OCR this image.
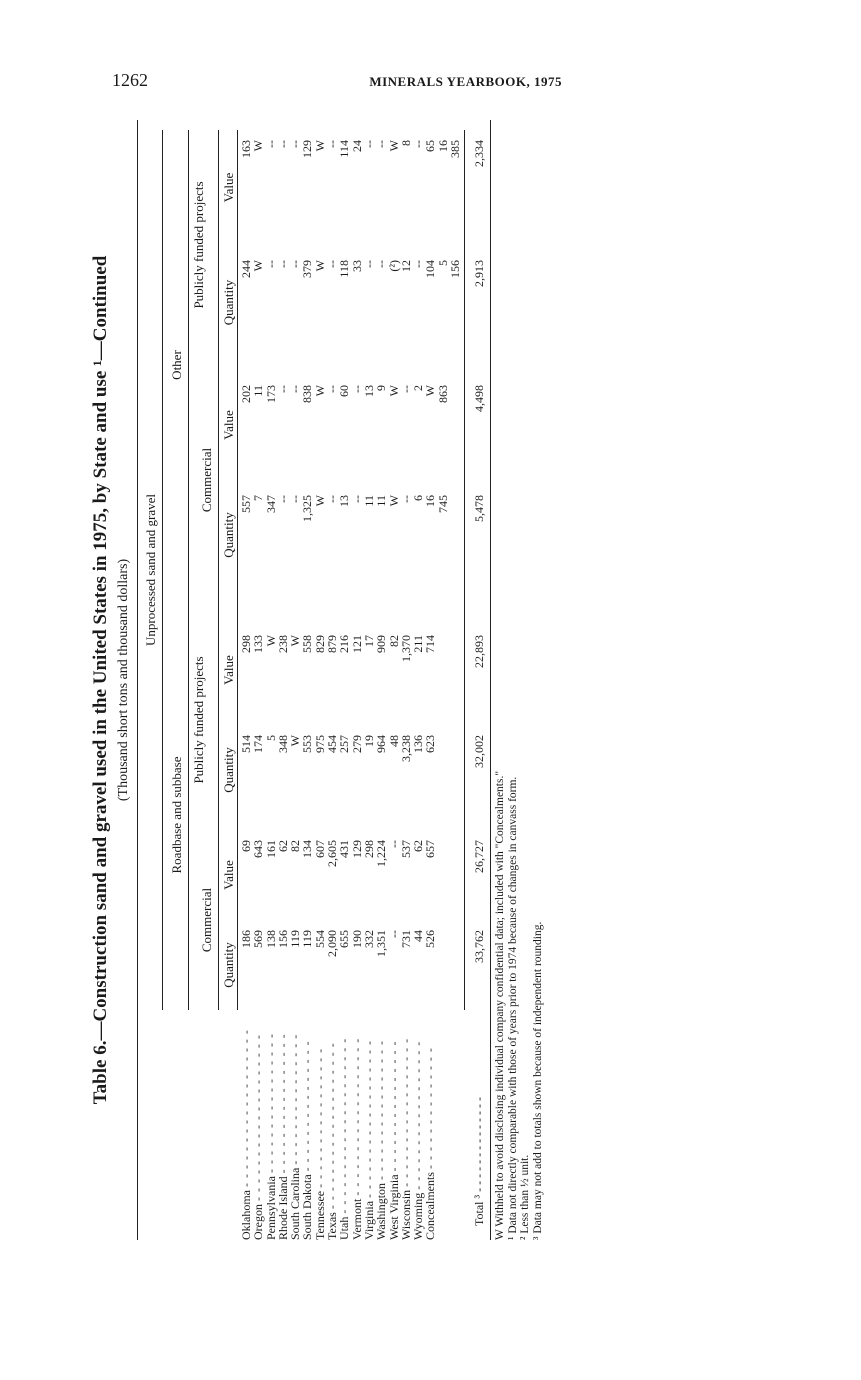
1262	MINERALS YEARBOOK, 1975
Table 6.—Construction sand and gravel used in the United States in 1975, by State and use ¹—Continued (Thousand short tons and thousand dollars) Unprocessed sand and gravel
Roadbase and subbase
Other
Commercial
Publicly funded projects
Commercial
Publicly funded projects
Quantity
Value
Quantity
Value
Quantity
Value
Quantity
Value
Oklahoma - - - - - - - - - - - - - - - - - -
Oregon - - - - - - - - - - - - - - - - - - -
Pennsylvania - - - - - - - - - - - - - - - -
Rhode Island - - - - - - - - - - - - - - - -
South Carolina - - - - - - - - - - - - - - -
South Dakota - - - - - - - - - - - - - - -
Tennessee - - - - - - - - - - - - - - - -
Texas - - - - - - - - - - - - - - - - - - -
Utah - - - - - - - - - - - - - - - - - - - -
Vermont - - - - - - - - - - - - - - - - - -
Virginia - - - - - - - - - - - - - - - - - -
Washington - - - - - - - - - - - - - - - -
West Virginia - - - - - - - - - - - - - - -
Wisconsin - - - - - - - - - - - - - - - - -
Wyoming - - - - - - - - - - - - - - - - -
Concealments - - - - - - - - - - - - - -
186
569
138
156
119
119
554
2,090
655
190
332
1,351
--
731
44
526
69
643
161
62
82
134
607
2,605
431
129
298
1,224
--
537
62
657
514
174
5
348
W
553
975
454
257
279
19
964
48
3,238
136
623
298
133
W
238
W
558
829
879
216
121
17
909
82
1,370
211
714
557
7
347
--
--
1,325
W
--
13
--
11
11
W
--
6
16
745
202
11
173
--
--
838
W
--
60
--
13
9
W
--
2
W
863
244
W
--
--
--
379
W
--
118
33
--
--
(²)
12
--
104
5
156
163
W
--
--
--
129
W
--
114
24
--
--
W
8
--
65
16
385
Total ³ - - - - - - - - - - - - - -
33,762
26,727
32,002
22,893
5,478
4,498
2,913
2,334
W Withheld to avoid disclosing individual company confidential data; included with "Concealments." ¹ Data not directly comparable with those of years prior to 1974 because of changes in canvass form. ² Less than ½ unit. ³ Data may not add to totals shown because of independent rounding.
